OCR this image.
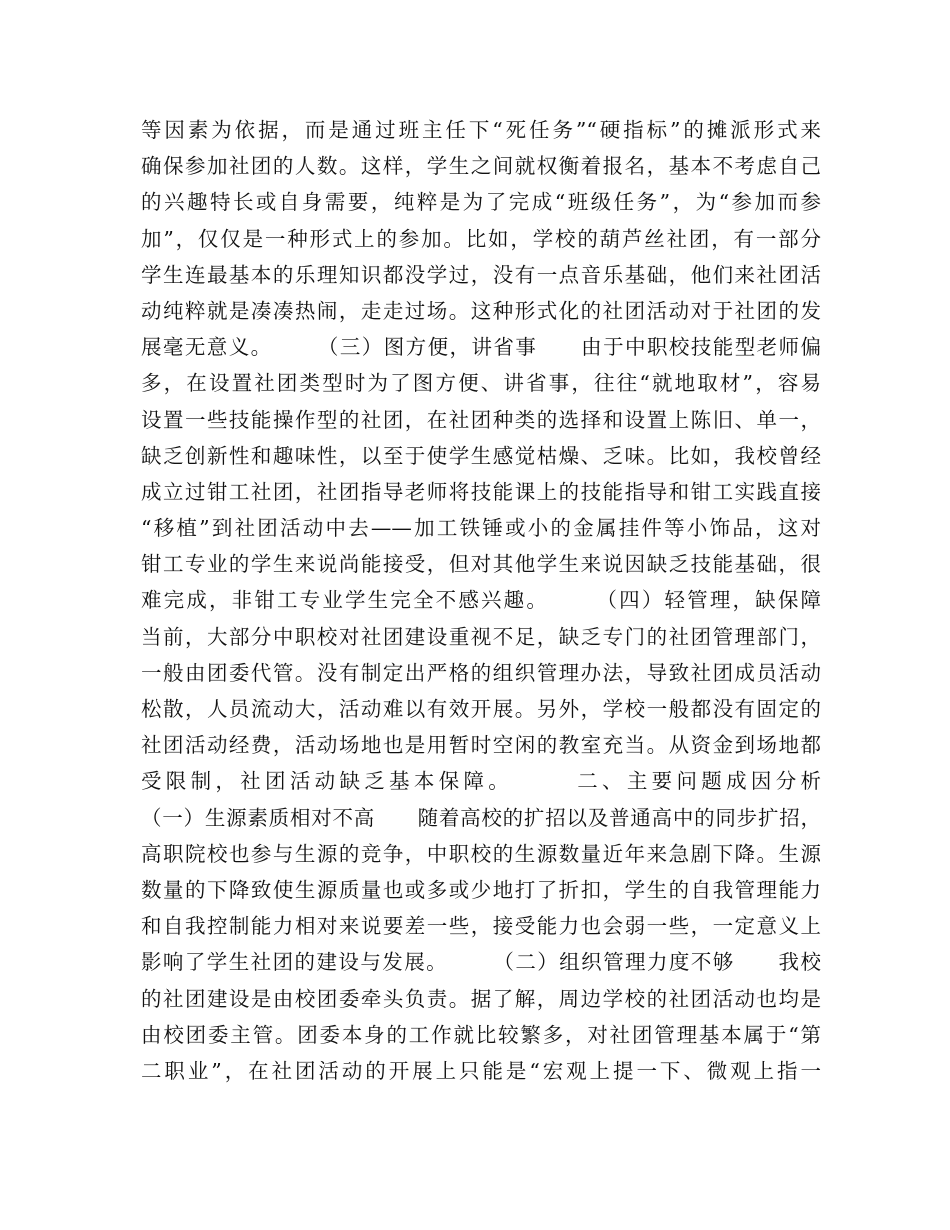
等因素为依据，而是通过班主任下“死任务”“硬指标”的摊派形式来
确保参加社团的人数。这样，学生之间就权衡着报名，基本不考虑自己
的兴趣特长或自身需要，纯粹是为了完成“班级任务”，为“参加而参
加”，仅仅是一种形式上的参加。比如，学校的葫芦丝社团，有一部分
学生连最基本的乐理知识都没学过，没有一点音乐基础，他们来社团活
动纯粹就是凑凑热闹，走走过场。这种形式化的社团活动对于社团的发
展毫无意义。　　　（三）图方便，讲省事　　由于中职校技能型老师偏
多，在设置社团类型时为了图方便、讲省事，往往“就地取材”，容易
设置一些技能操作型的社团，在社团种类的选择和设置上陈旧、单一，
缺乏创新性和趣味性，以至于使学生感觉枯燥、乏味。比如，我校曾经
成立过钳工社团，社团指导老师将技能课上的技能指导和钳工实践直接
“移植”到社团活动中去——加工铁锤或小的金属挂件等小饰品，这对
钳工专业的学生来说尚能接受，但对其他学生来说因缺乏技能基础，很
难完成，非钳工专业学生完全不感兴趣。　　　（四）轻管理，缺保障
当前，大部分中职校对社团建设重视不足，缺乏专门的社团管理部门，
一般由团委代管。没有制定出严格的组织管理办法，导致社团成员活动
松散，人员流动大，活动难以有效开展。另外，学校一般都没有固定的
社团活动经费，活动场地也是用暂时空闲的教室充当。从资金到场地都
受限制，社团活动缺乏基本保障。　　　二、主要问题成因分析
（一）生源素质相对不高　　随着高校的扩招以及普通高中的同步扩招，
高职院校也参与生源的竞争，中职校的生源数量近年来急剧下降。生源
数量的下降致使生源质量也或多或少地打了折扣，学生的自我管理能力
和自我控制能力相对来说要差一些，接受能力也会弱一些，一定意义上
影响了学生社团的建设与发展。　　　（二）组织管理力度不够　　我校
的社团建设是由校团委牵头负责。据了解，周边学校的社团活动也均是
由校团委主管。团委本身的工作就比较繁多，对社团管理基本属于“第
二职业”，在社团活动的开展上只能是“宏观上提一下、微观上指一
